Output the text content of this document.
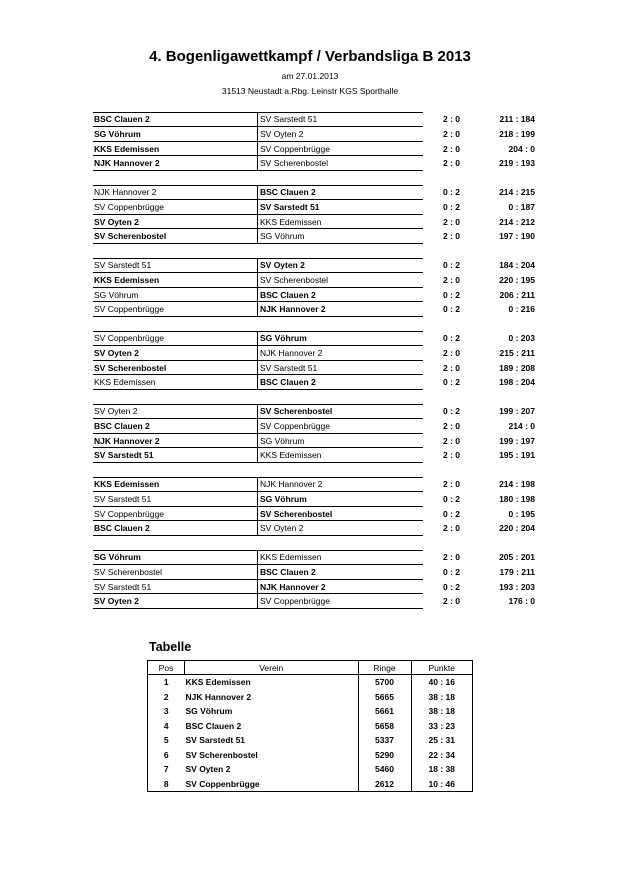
4. Bogenligawettkampf / Verbandsliga B 2013
am 27.01.2013
31513 Neustadt a.Rbg. Leinstr KGS Sporthalle
BSC Clauen 2	SV Sarstedt 51	2 : 0	211 : 184
SG Vöhrum	SV Oyten 2	2 : 0	218 : 199
KKS Edemissen	SV Coppenbrügge	2 : 0	204 : 0
NJK Hannover 2	SV Scherenbostel	2 : 0	219 : 193
NJK Hannover 2	BSC Clauen 2	0 : 2	214 : 215
SV Coppenbrügge	SV Sarstedt 51	0 : 2	0 : 187
SV Oyten 2	KKS Edemissen	2 : 0	214 : 212
SV Scherenbostel	SG Vöhrum	2 : 0	197 : 190
SV Sarstedt 51	SV Oyten 2	0 : 2	184 : 204
KKS Edemissen	SV Scherenbostel	2 : 0	220 : 195
SG Vöhrum	BSC Clauen 2	0 : 2	206 : 211
SV Coppenbrügge	NJK Hannover 2	0 : 2	0 : 216
SV Coppenbrügge	SG Vöhrum	0 : 2	0 : 203
SV Oyten 2	NJK Hannover 2	2 : 0	215 : 211
SV Scherenbostel	SV Sarstedt 51	2 : 0	189 : 208
KKS Edemissen	BSC Clauen 2	0 : 2	198 : 204
SV Oyten 2	SV Scherenbostel	0 : 2	199 : 207
BSC Clauen 2	SV Coppenbrügge	2 : 0	214 : 0
NJK Hannover 2	SG Vöhrum	2 : 0	199 : 197
SV Sarstedt 51	KKS Edemissen	2 : 0	195 : 191
KKS Edemissen	NJK Hannover 2	2 : 0	214 : 198
SV Sarstedt 51	SG Vöhrum	0 : 2	180 : 198
SV Coppenbrügge	SV Scherenbostel	0 : 2	0 : 195
BSC Clauen 2	SV Oyten 2	2 : 0	220 : 204
SG Vöhrum	KKS Edemissen	2 : 0	205 : 201
SV Scherenbostel	BSC Clauen 2	0 : 2	179 : 211
SV Sarstedt 51	NJK Hannover 2	0 : 2	193 : 203
SV Oyten 2	SV Coppenbrügge	2 : 0	176 : 0
Tabelle
Pos	Verein	Ringe	Punkte
1	KKS Edemissen	5700	40 : 16
2	NJK Hannover 2	5665	38 : 18
3	SG Vöhrum	5661	38 : 18
4	BSC Clauen 2	5658	33 : 23
5	SV Sarstedt 51	5337	25 : 31
6	SV Scherenbostel	5290	22 : 34
7	SV Oyten 2	5460	18 : 38
8	SV Coppenbrügge	2612	10 : 46
